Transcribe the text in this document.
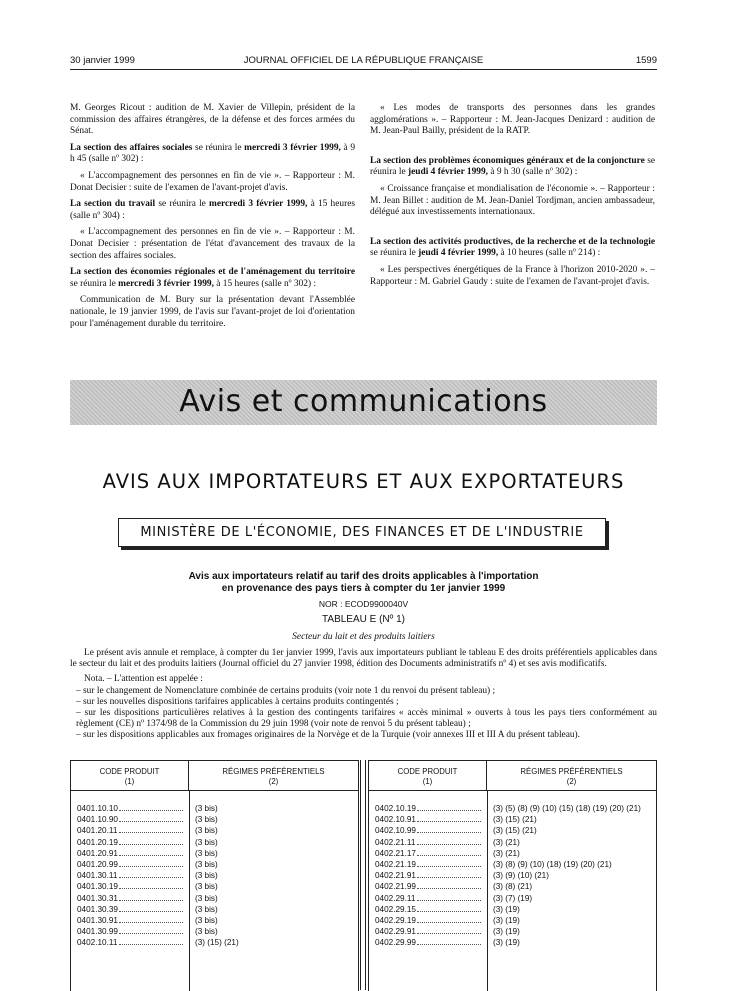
30 janvier 1999	JOURNAL OFFICIEL DE LA RÉPUBLIQUE FRANÇAISE	1599

M. Georges Ricout : audition de M. Xavier de Villepin, président de la commission des affaires étrangères, de la défense et des forces armées du Sénat.

La section des affaires sociales se réunira le mercredi 3 février 1999, à 9 h 45 (salle nº 302) :

« L'accompagnement des personnes en fin de vie ». – Rapporteur : M. Donat Decisier : suite de l'examen de l'avant-projet d'avis.

La section du travail se réunira le mercredi 3 février 1999, à 15 heures (salle nº 304) :

« L'accompagnement des personnes en fin de vie ». – Rapporteur : M. Donat Decisier : présentation de l'état d'avancement des travaux de la section des affaires sociales.

La section des économies régionales et de l'aménagement du territoire se réunira le mercredi 3 février 1999, à 15 heures (salle nº 302) :

Communication de M. Bury sur la présentation devant l'Assemblée nationale, le 19 janvier 1999, de l'avis sur l'avant-projet de loi d'orientation pour l'aménagement durable du territoire.

« Les modes de transports des personnes dans les grandes agglomérations ». – Rapporteur : M. Jean-Jacques Denizard : audition de M. Jean-Paul Bailly, président de la RATP.

La section des problèmes économiques généraux et de la conjoncture se réunira le jeudi 4 février 1999, à 9 h 30 (salle nº 302) :

« Croissance française et mondialisation de l'économie ». – Rapporteur : M. Jean Billet : audition de M. Jean-Daniel Tordjman, ancien ambassadeur, délégué aux investissements internationaux.

La section des activités productives, de la recherche et de la technologie se réunira le jeudi 4 février 1999, à 10 heures (salle nº 214) :

« Les perspectives énergétiques de la France à l'horizon 2010-2020 ». – Rapporteur : M. Gabriel Gaudy : suite de l'examen de l'avant-projet d'avis.

Avis et communications
AVIS AUX IMPORTATEURS ET AUX EXPORTATEURS
MINISTÈRE DE L'ÉCONOMIE, DES FINANCES ET DE L'INDUSTRIE
Avis aux importateurs relatif au tarif des droits applicables à l'importation
en provenance des pays tiers à compter du 1er janvier 1999
NOR : ECOD9900040V
TABLEAU E (Nº 1)
Secteur du lait et des produits laitiers

Le présent avis annule et remplace, à compter du 1er janvier 1999, l'avis aux importateurs publiant le tableau E des droits préférentiels applicables dans le secteur du lait et des produits laitiers (Journal officiel du 27 janvier 1998, édition des Documents administratifs nº 4) et ses avis modificatifs.

Nota. – L'attention est appelée :

– sur le changement de Nomenclature combinée de certains produits (voir note 1 du renvoi du présent tableau) ;
– sur les nouvelles dispositions tarifaires applicables à certains produits contingentés ;
– sur les dispositions particulières relatives à la gestion des contingents tarifaires « accès minimal » ouverts à tous les pays tiers conformément au règlement (CE) nº 1374/98 de la Commission du 29 juin 1998 (voir note de renvoi 5 du présent tableau) ;
– sur les dispositions applicables aux fromages originaires de la Norvège et de la Turquie (voir annexes III et III A du présent tableau).
CODE PRODUIT
(1)
RÉGIMES PRÉFÉRENTIELS
(2)
0401.10.10	(3 bis)
0401.10.90	(3 bis)
0401.20.11	(3 bis)
0401.20.19	(3 bis)
0401.20.91	(3 bis)
0401.20.99	(3 bis)
0401.30.11	(3 bis)
0401.30.19	(3 bis)
0401.30.31	(3 bis)
0401.30.39	(3 bis)
0401.30.91	(3 bis)
0401.30.99	(3 bis)
0402.10.11	(3) (15) (21)
CODE PRODUIT
(1)
RÉGIMES PRÉFÉRENTIELS
(2)
0402.10.19	(3) (5) (8) (9) (10) (15) (18) (19) (20) (21)
0402.10.91	(3) (15) (21)
0402.10.99	(3) (15) (21)
0402.21.11	(3) (21)
0402.21.17	(3) (21)
0402.21.19	(3) (8) (9) (10) (18) (19) (20) (21)
0402.21.91	(3) (9) (10) (21)
0402.21.99	(3) (8) (21)
0402.29.11	(3) (7) (19)
0402.29.15	(3) (19)
0402.29.19	(3) (19)
0402.29.91	(3) (19)
0402.29.99	(3) (19)
